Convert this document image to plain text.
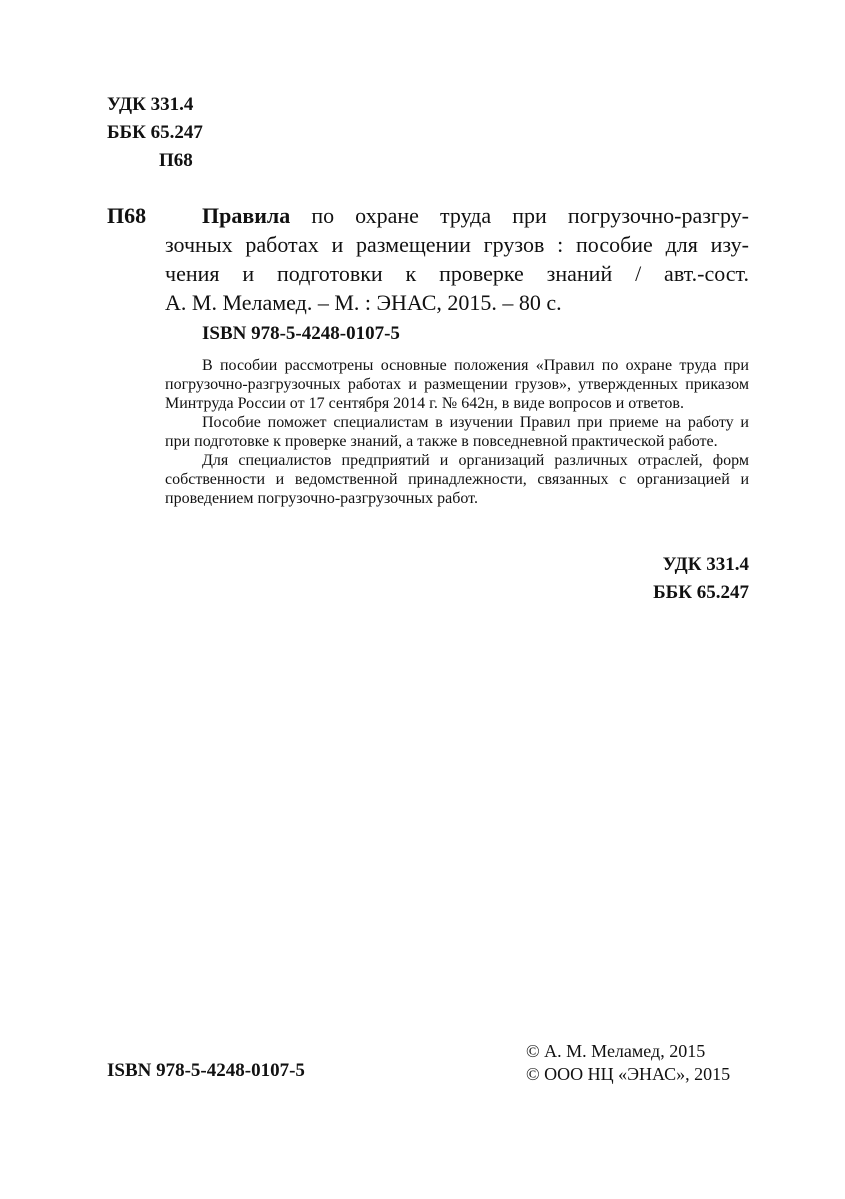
УДК 331.4
ББК 65.247
П68
П68	Правила по охране труда при погрузочно-разгру-
зочных работах и размещении грузов : пособие для изу-
чения и подготовки к проверке знаний / авт.-сост.
А. М. Меламед. – М. : ЭНАС, 2015. – 80 с.
ISBN 978-5-4248-0107-5

В пособии рассмотрены основные положения «Правил по охране труда при погрузочно-разгрузочных работах и размещении грузов», утвержденных приказом Минтруда России от 17 сентября 2014 г. № 642н, в виде вопросов и ответов.

Пособие поможет специалистам в изучении Правил при приеме на работу и при подготовке к проверке знаний, а также в повседневной практической работе.

Для специалистов предприятий и организаций различных отраслей, форм собственности и ведомственной принадлежности, связанных с организацией и проведением погрузочно-разгрузочных работ.

УДК 331.4
ББК 65.247
ISBN 978-5-4248-0107-5
© А. М. Меламед, 2015
© ООО НЦ «ЭНАС», 2015
